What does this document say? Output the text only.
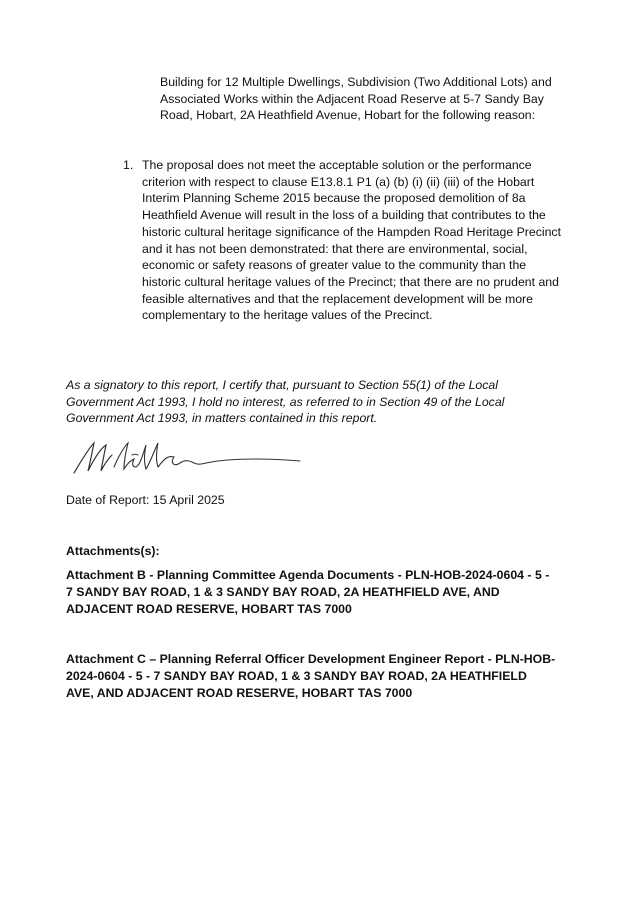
Building for 12 Multiple Dwellings, Subdivision (Two Additional Lots) and Associated Works within the Adjacent Road Reserve at 5-7 Sandy Bay Road, Hobart, 2A Heathfield Avenue, Hobart for the following reason:

1. The proposal does not meet the acceptable solution or the performance criterion with respect to clause E13.8.1 P1 (a) (b) (i) (ii) (iii) of the Hobart Interim Planning Scheme 2015 because the proposed demolition of 8a Heathfield Avenue will result in the loss of a building that contributes to the historic cultural heritage significance of the Hampden Road Heritage Precinct and it has not been demonstrated: that there are environmental, social, economic or safety reasons of greater value to the community than the historic cultural heritage values of the Precinct; that there are no prudent and feasible alternatives and that the replacement development will be more complementary to the heritage values of the Precinct.

As a signatory to this report, I certify that, pursuant to Section 55(1) of the Local Government Act 1993, I hold no interest, as referred to in Section 49 of the Local Government Act 1993, in matters contained in this report.

Date of Report: 15 April 2025
Attachments(s):

Attachment B - Planning Committee Agenda Documents - PLN-HOB-2024-0604 - 5 - 7 SANDY BAY ROAD, 1 & 3 SANDY BAY ROAD, 2A HEATHFIELD AVE, AND ADJACENT ROAD RESERVE, HOBART TAS 7000

Attachment C – Planning Referral Officer Development Engineer Report - PLN-HOB-2024-0604 - 5 - 7 SANDY BAY ROAD, 1 & 3 SANDY BAY ROAD, 2A HEATHFIELD AVE, AND ADJACENT ROAD RESERVE, HOBART TAS 7000
